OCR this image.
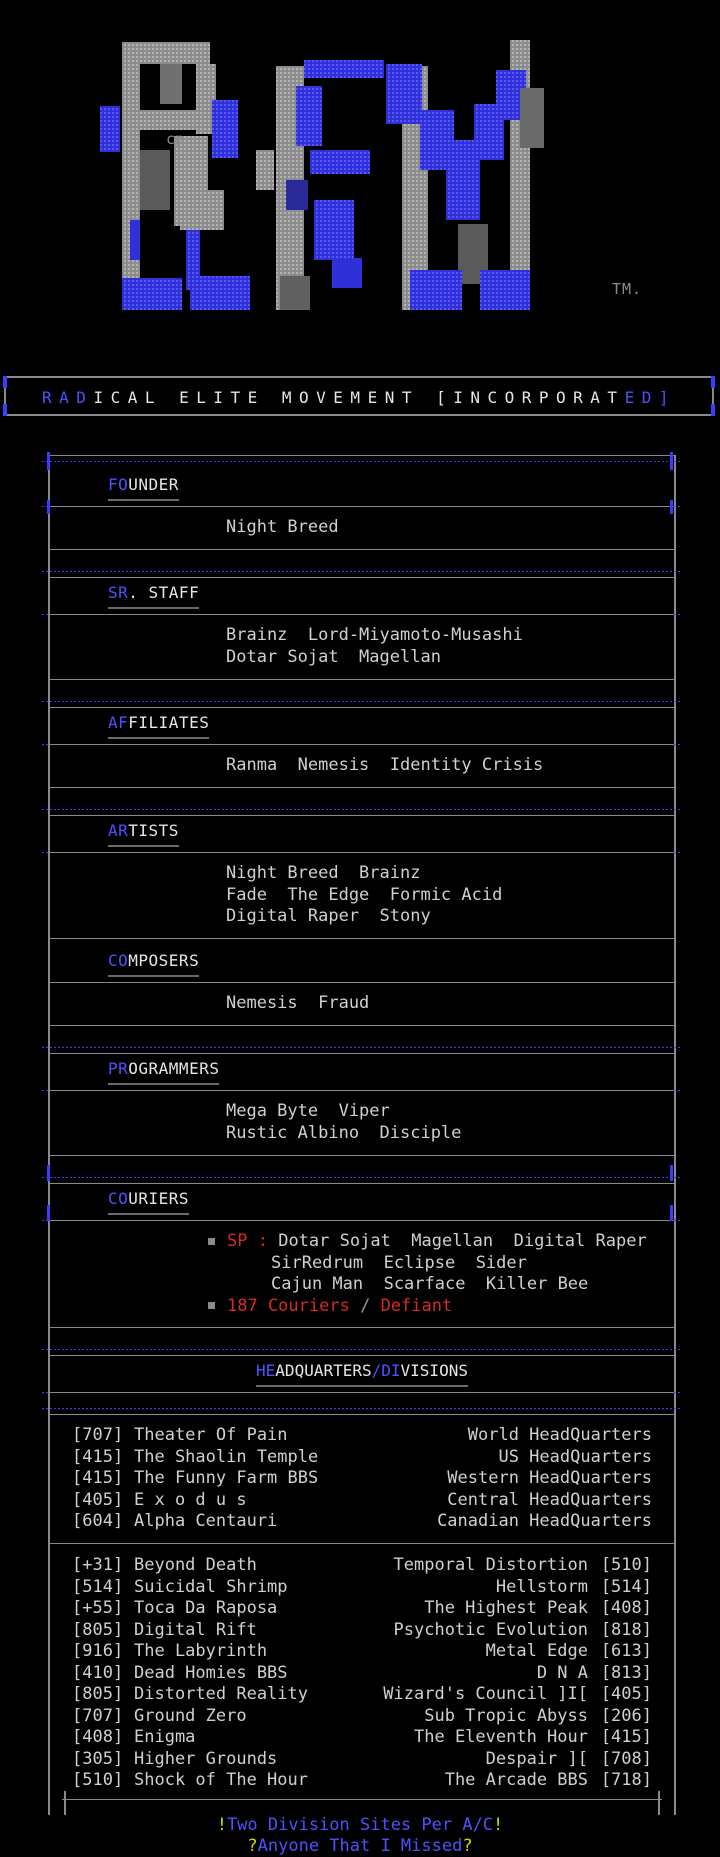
cp
TM.
RADICAL ELITE MOVEMENT [INCORPORATED]
FOUNDER
Night Breed
SR. STAFF
Brainz  Lord-Miyamoto-Musashi
Dotar Sojat  Magellan
AFFILIATES
Ranma  Nemesis  Identity Crisis
ARTISTS
Night Breed  Brainz
Fade  The Edge  Formic Acid
Digital Raper  Stony
COMPOSERS
Nemesis  Fraud
PROGRAMMERS
Mega Byte  Viper
Rustic Albino  Disciple
COURIERS
SP : Dotar Sojat  Magellan  Digital Raper
SirRedrum  Eclipse  Sider
Cajun Man  Scarface  Killer Bee
187 Couriers / Defiant
HEADQUARTERS/DIVISIONS
[707] Theater Of Pain	World HeadQuarters
[415] The Shaolin Temple	US HeadQuarters
[415] The Funny Farm BBS	Western HeadQuarters
[405] E x o d u s	Central HeadQuarters
[604] Alpha Centauri	Canadian HeadQuarters
[+31] Beyond Death	Temporal Distortion [510]
[514] Suicidal Shrimp	Hellstorm [514]
[+55] Toca Da Raposa	The Highest Peak [408]
[805] Digital Rift	Psychotic Evolution [818]
[916] The Labyrinth	Metal Edge [613]
[410] Dead Homies BBS	D N A [813]
[805] Distorted Reality	Wizard's Council ]I[ [405]
[707] Ground Zero	Sub Tropic Abyss [206]
[408] Enigma	The Eleventh Hour [415]
[305] Higher Grounds	Despair ][ [708]
[510] Shock of The Hour	The Arcade BBS [718]
!Two Division Sites Per A/C!
?Anyone That I Missed?
